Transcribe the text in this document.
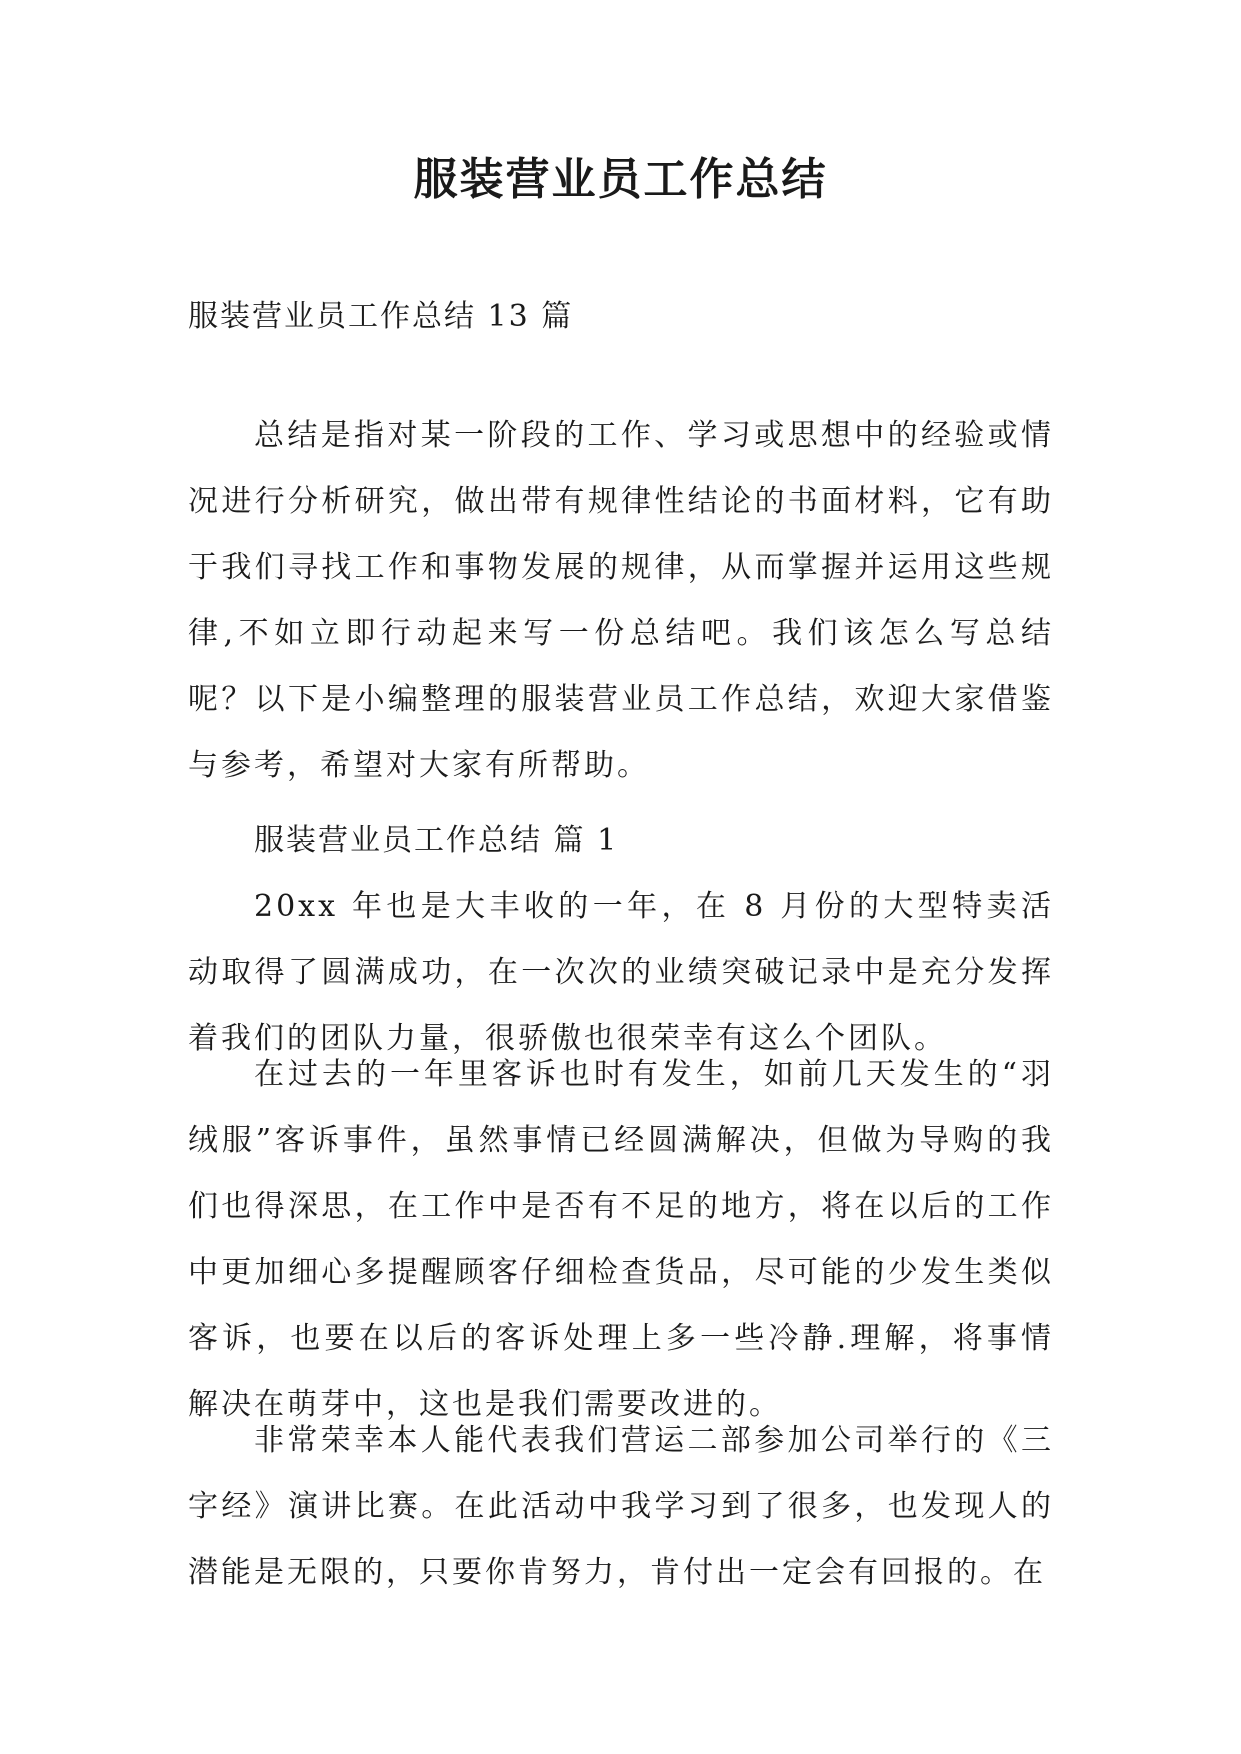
服装营业员工作总结

服装营业员工作总结 13 篇

总结是指对某一阶段的工作、学习或思想中的经验或情况进行分析研究，做出带有规律性结论的书面材料，它有助于我们寻找工作和事物发展的规律，从而掌握并运用这些规律,不如立即行动起来写一份总结吧。我们该怎么写总结呢？以下是小编整理的服装营业员工作总结，欢迎大家借鉴与参考，希望对大家有所帮助。

服装营业员工作总结 篇 1

20xx 年也是大丰收的一年，在 8 月份的大型特卖活动取得了圆满成功，在一次次的业绩突破记录中是充分发挥着我们的团队力量，很骄傲也很荣幸有这么个团队。

在过去的一年里客诉也时有发生，如前几天发生的“羽绒服”客诉事件，虽然事情已经圆满解决，但做为导购的我们也得深思，在工作中是否有不足的地方，将在以后的工作中更加细心多提醒顾客仔细检查货品，尽可能的少发生类似客诉，也要在以后的客诉处理上多一些冷静.理解，将事情解决在萌芽中，这也是我们需要改进的。

非常荣幸本人能代表我们营运二部参加公司举行的《三字经》演讲比赛。在此活动中我学习到了很多，也发现人的潜能是无限的，只要你肯努力，肯付出一定会有回报的。在
